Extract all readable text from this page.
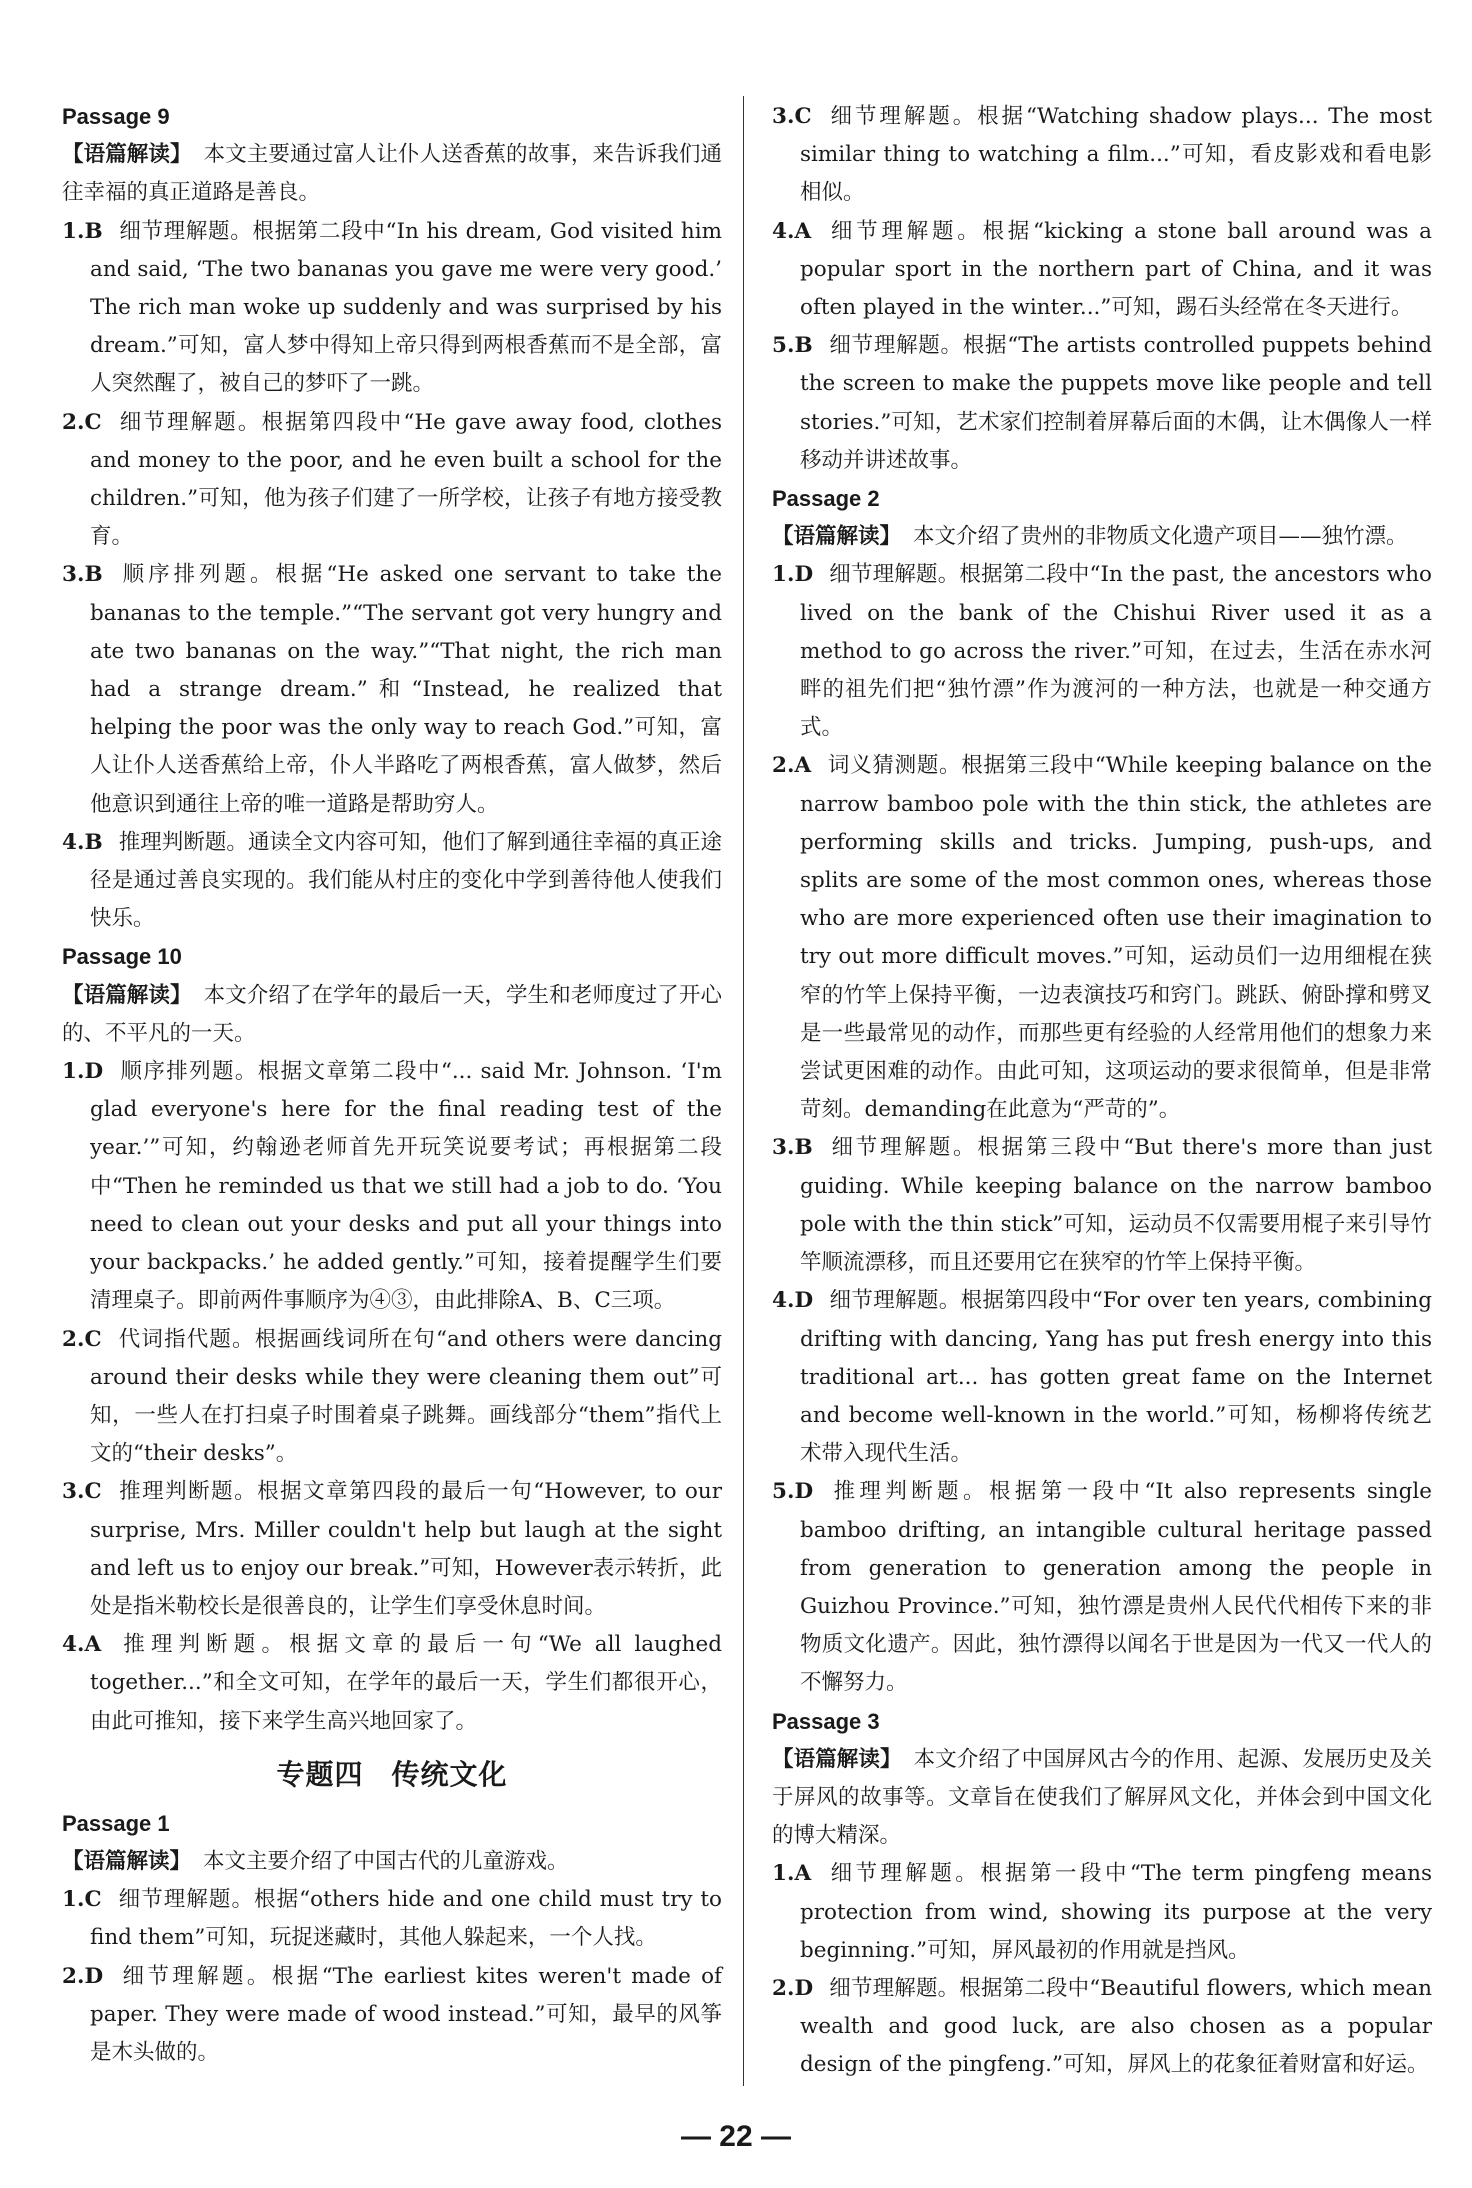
Passage 9

【语篇解读】 本文主要通过富人让仆人送香蕉的故事，来告诉我们通往幸福的真正道路是善良。

1.B 细节理解题。根据第二段中“In his dream, God visited him and said, ‘The two bananas you gave me were very good.’ The rich man woke up suddenly and was surprised by his dream.”可知，富人梦中得知上帝只得到两根香蕉而不是全部，富人突然醒了，被自己的梦吓了一跳。

2.C 细节理解题。根据第四段中“He gave away food, clothes and money to the poor, and he even built a school for the children.”可知，他为孩子们建了一所学校，让孩子有地方接受教育。

3.B 顺序排列题。根据“He asked one servant to take the bananas to the temple.”“The servant got very hungry and ate two bananas on the way.”“That night, the rich man had a strange dream.”和“Instead, he realized that helping the poor was the only way to reach God.”可知，富人让仆人送香蕉给上帝，仆人半路吃了两根香蕉，富人做梦，然后他意识到通往上帝的唯一道路是帮助穷人。

4.B 推理判断题。通读全文内容可知，他们了解到通往幸福的真正途径是通过善良实现的。我们能从村庄的变化中学到善待他人使我们快乐。

Passage 10

【语篇解读】 本文介绍了在学年的最后一天，学生和老师度过了开心的、不平凡的一天。

1.D 顺序排列题。根据文章第二段中“... said Mr. Johnson. ‘I'm glad everyone's here for the final reading test of the year.’”可知，约翰逊老师首先开玩笑说要考试；再根据第二段中“Then he reminded us that we still had a job to do. ‘You need to clean out your desks and put all your things into your backpacks.’ he added gently.”可知，接着提醒学生们要清理桌子。即前两件事顺序为④③，由此排除A、B、C三项。

2.C 代词指代题。根据画线词所在句“and others were dancing around their desks while they were cleaning them out”可知，一些人在打扫桌子时围着桌子跳舞。画线部分“them”指代上文的“their desks”。

3.C 推理判断题。根据文章第四段的最后一句“However, to our surprise, Mrs. Miller couldn't help but laugh at the sight and left us to enjoy our break.”可知，However表示转折，此处是指米勒校长是很善良的，让学生们享受休息时间。

4.A 推理判断题。根据文章的最后一句“We all laughed together...”和全文可知，在学年的最后一天，学生们都很开心，由此可推知，接下来学生高兴地回家了。

专题四 传统文化

Passage 1

【语篇解读】 本文主要介绍了中国古代的儿童游戏。

1.C 细节理解题。根据“others hide and one child must try to find them”可知，玩捉迷藏时，其他人躲起来，一个人找。

2.D 细节理解题。根据“The earliest kites weren't made of paper. They were made of wood instead.”可知，最早的风筝是木头做的。

3.C 细节理解题。根据“Watching shadow plays... The most similar thing to watching a film...”可知，看皮影戏和看电影相似。

4.A 细节理解题。根据“kicking a stone ball around was a popular sport in the northern part of China, and it was often played in the winter...”可知，踢石头经常在冬天进行。

5.B 细节理解题。根据“The artists controlled puppets behind the screen to make the puppets move like people and tell stories.”可知，艺术家们控制着屏幕后面的木偶，让木偶像人一样移动并讲述故事。

Passage 2

【语篇解读】 本文介绍了贵州的非物质文化遗产项目——独竹漂。

1.D 细节理解题。根据第二段中“In the past, the ancestors who lived on the bank of the Chishui River used it as a method to go across the river.”可知，在过去，生活在赤水河畔的祖先们把“独竹漂”作为渡河的一种方法，也就是一种交通方式。

2.A 词义猜测题。根据第三段中“While keeping balance on the narrow bamboo pole with the thin stick, the athletes are performing skills and tricks. Jumping, push-ups, and splits are some of the most common ones, whereas those who are more experienced often use their imagination to try out more difficult moves.”可知，运动员们一边用细棍在狭窄的竹竿上保持平衡，一边表演技巧和窍门。跳跃、俯卧撑和劈叉是一些最常见的动作，而那些更有经验的人经常用他们的想象力来尝试更困难的动作。由此可知，这项运动的要求很简单，但是非常苛刻。demanding在此意为“严苛的”。

3.B 细节理解题。根据第三段中“But there's more than just guiding. While keeping balance on the narrow bamboo pole with the thin stick”可知，运动员不仅需要用棍子来引导竹竿顺流漂移，而且还要用它在狭窄的竹竿上保持平衡。

4.D 细节理解题。根据第四段中“For over ten years, combining drifting with dancing, Yang has put fresh energy into this traditional art... has gotten great fame on the Internet and become well-known in the world.”可知，杨柳将传统艺术带入现代生活。

5.D 推理判断题。根据第一段中“It also represents single bamboo drifting, an intangible cultural heritage passed from generation to generation among the people in Guizhou Province.”可知，独竹漂是贵州人民代代相传下来的非物质文化遗产。因此，独竹漂得以闻名于世是因为一代又一代人的不懈努力。

Passage 3

【语篇解读】 本文介绍了中国屏风古今的作用、起源、发展历史及关于屏风的故事等。文章旨在使我们了解屏风文化，并体会到中国文化的博大精深。

1.A 细节理解题。根据第一段中“The term pingfeng means protection from wind, showing its purpose at the very beginning.”可知，屏风最初的作用就是挡风。

2.D 细节理解题。根据第二段中“Beautiful flowers, which mean wealth and good luck, are also chosen as a popular design of the pingfeng.”可知，屏风上的花象征着财富和好运。

— 22 —
